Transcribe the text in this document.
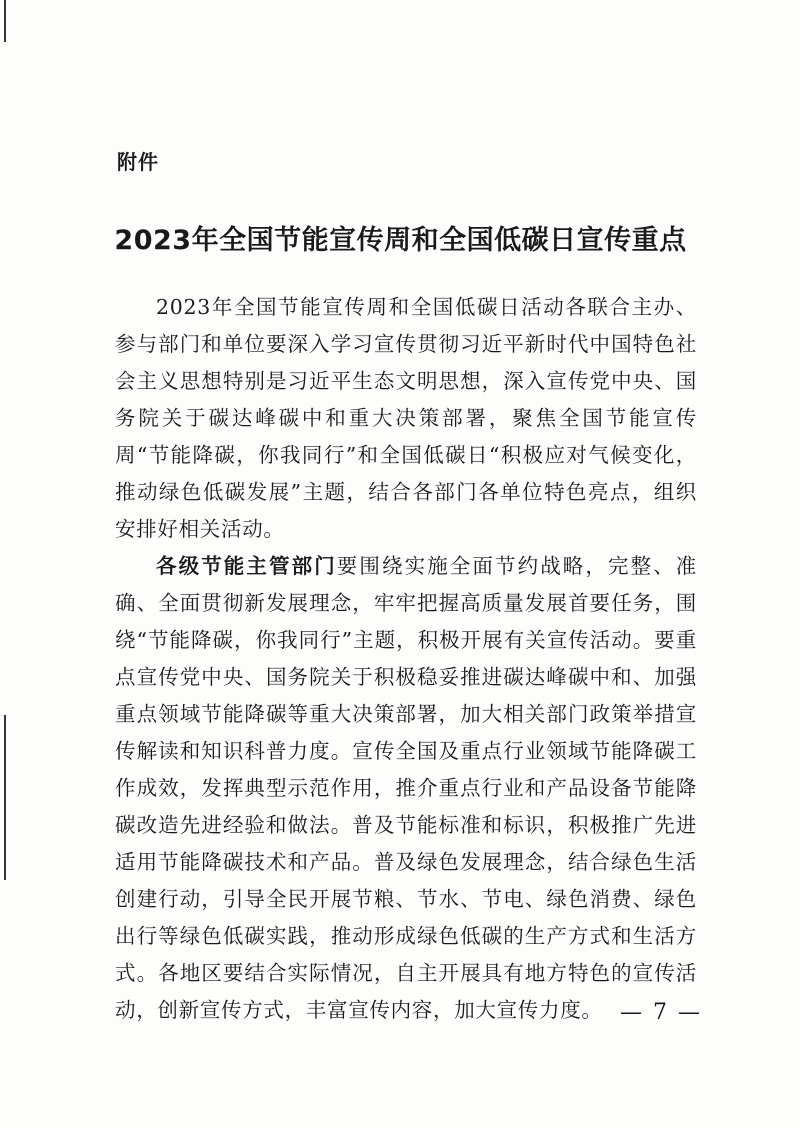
附件
2023年全国节能宣传周和全国低碳日宣传重点

2023年全国节能宣传周和全国低碳日活动各联合主办、参与部门和单位要深入学习宣传贯彻习近平新时代中国特色社会主义思想特别是习近平生态文明思想，深入宣传党中央、国务院关于碳达峰碳中和重大决策部署，聚焦全国节能宣传周“节能降碳，你我同行”和全国低碳日“积极应对气候变化，推动绿色低碳发展”主题，结合各部门各单位特色亮点，组织安排好相关活动。

各级节能主管部门要围绕实施全面节约战略，完整、准确、全面贯彻新发展理念，牢牢把握高质量发展首要任务，围绕“节能降碳，你我同行”主题，积极开展有关宣传活动。要重点宣传党中央、国务院关于积极稳妥推进碳达峰碳中和、加强重点领域节能降碳等重大决策部署，加大相关部门政策举措宣传解读和知识科普力度。宣传全国及重点行业领域节能降碳工作成效，发挥典型示范作用，推介重点行业和产品设备节能降碳改造先进经验和做法。普及节能标准和标识，积极推广先进适用节能降碳技术和产品。普及绿色发展理念，结合绿色生活创建行动，引导全民开展节粮、节水、节电、绿色消费、绿色出行等绿色低碳实践，推动形成绿色低碳的生产方式和生活方式。各地区要结合实际情况，自主开展具有地方特色的宣传活动，创新宣传方式，丰富宣传内容，加大宣传力度。 — 7 —
